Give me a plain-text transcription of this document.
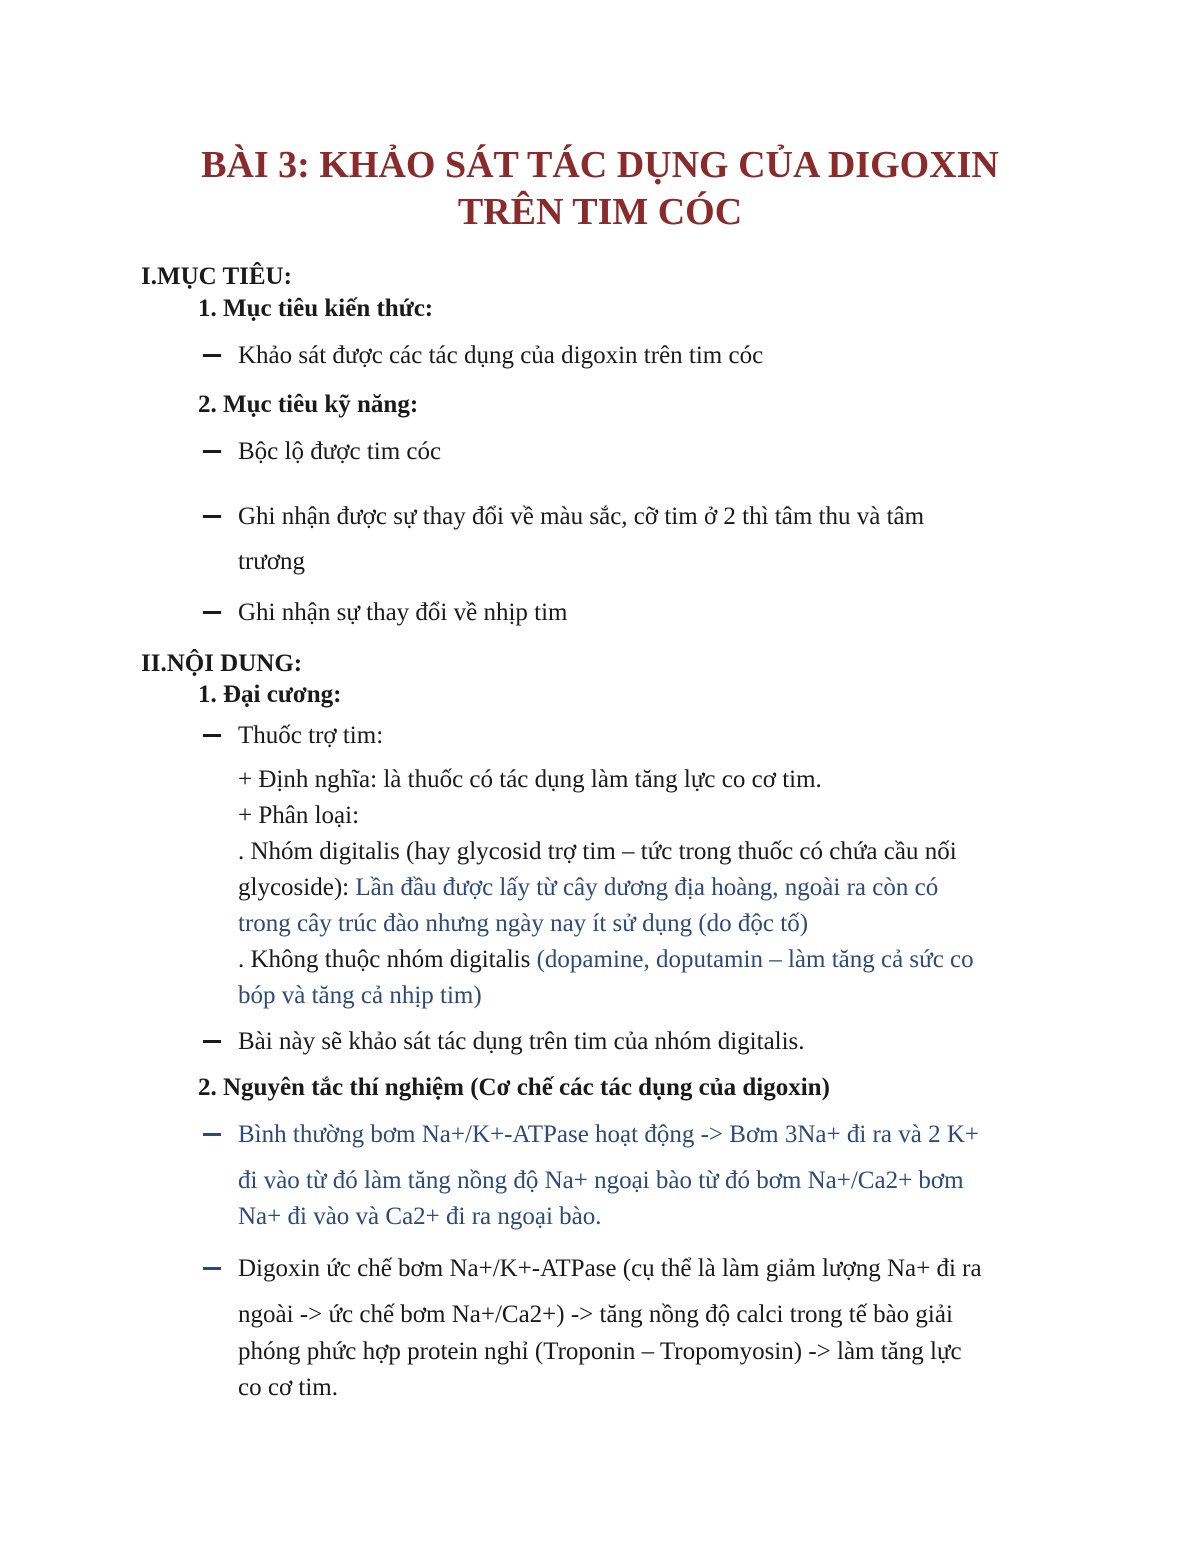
BÀI 3: KHẢO SÁT TÁC DỤNG CỦA DIGOXIN
TRÊN TIM CÓC

I.MỤC TIÊU:

1. Mục tiêu kiến thức:

Khảo sát được các tác dụng của digoxin trên tim cóc

2. Mục tiêu kỹ năng:

Bộc lộ được tim cóc

Ghi nhận được sự thay đổi về màu sắc, cỡ tim ở 2 thì tâm thu và tâm

trương

Ghi nhận sự thay đổi về nhịp tim

II.NỘI DUNG:

1. Đại cương:

Thuốc trợ tim:

+ Định nghĩa: là thuốc có tác dụng làm tăng lực co cơ tim.

+ Phân loại:

. Nhóm digitalis (hay glycosid trợ tim – tức trong thuốc có chứa cầu nối

glycoside): Lần đầu được lấy từ cây dương địa hoàng, ngoài ra còn có

trong cây trúc đào nhưng ngày nay ít sử dụng (do độc tố)

. Không thuộc nhóm digitalis (dopamine, doputamin – làm tăng cả sức co

bóp và tăng cả nhịp tim)

Bài này sẽ khảo sát tác dụng trên tim của nhóm digitalis.

2. Nguyên tắc thí nghiệm (Cơ chế các tác dụng của digoxin)

Bình thường bơm Na+/K+-ATPase hoạt động -> Bơm 3Na+ đi ra và 2 K+

đi vào từ đó làm tăng nồng độ Na+ ngoại bào từ đó bơm Na+/Ca2+ bơm

Na+ đi vào và Ca2+ đi ra ngoại bào.

Digoxin ức chế bơm Na+/K+-ATPase (cụ thể là làm giảm lượng Na+ đi ra

ngoài -> ức chế bơm Na+/Ca2+) -> tăng nồng độ calci trong tế bào giải

phóng phức hợp protein nghỉ (Troponin – Tropomyosin) -> làm tăng lực

co cơ tim.
